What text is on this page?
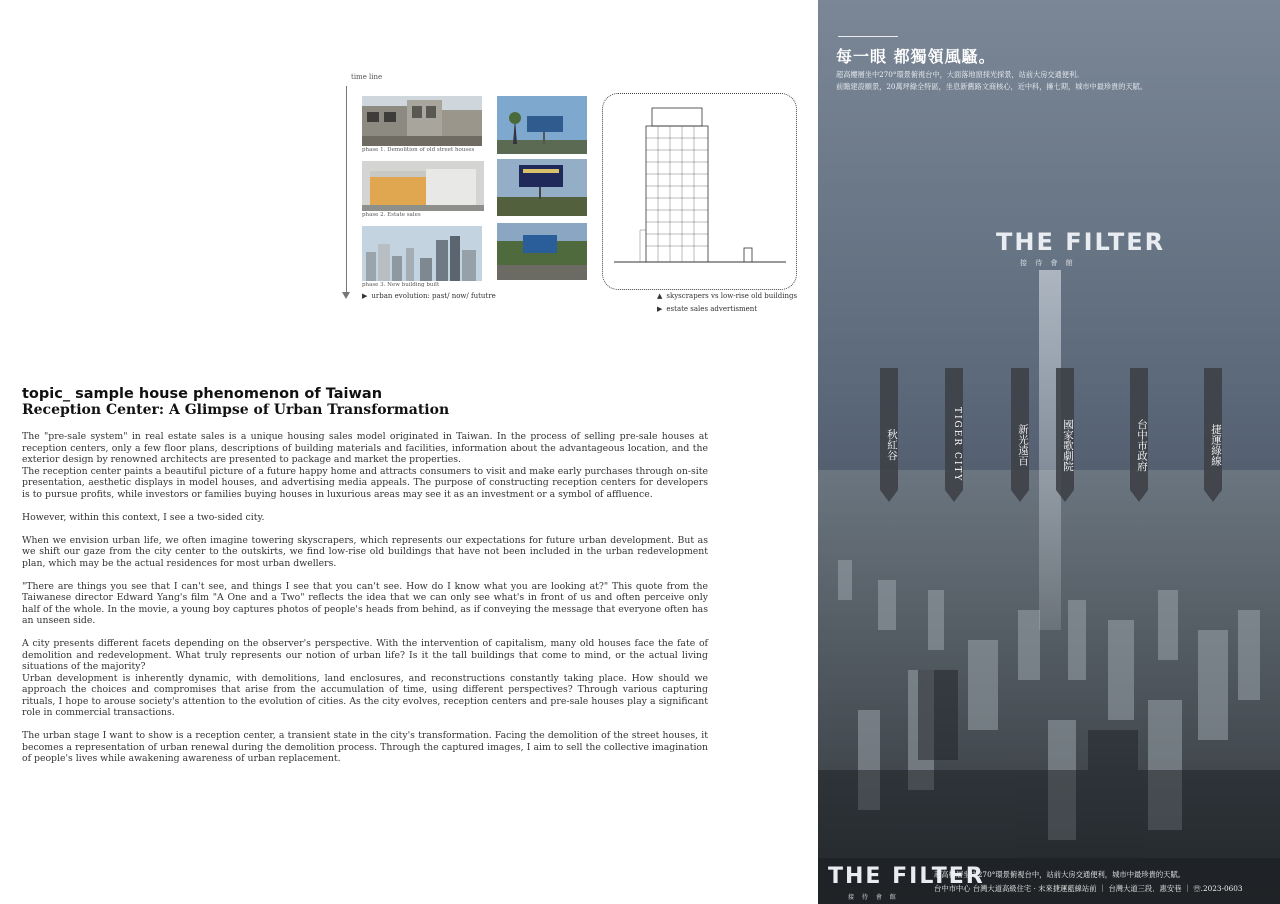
time line
phase 1. Demolition of old street houses
phase 2. Estate sales
phase 3. New building built
▶ urban evolution: past/ now/ fututre	▲ skyscrapers vs low-rise old buildings
▶ estate sales advertisment
topic_ sample house phenomenon of Taiwan
Reception Center: A Glimpse of Urban Transformation

The "pre-sale system" in real estate sales is a unique housing sales model originated in Taiwan. In the process of selling pre-sale houses at reception centers, only a few floor plans, descriptions of building materials and facilities, information about the advantageous location, and the exterior design by renowned architects are presented to package and market the properties.

The reception center paints a beautiful picture of a future happy home and attracts consumers to visit and make early purchases through on-site presentation, aesthetic displays in model houses, and advertising media appeals. The purpose of constructing reception centers for developers is to pursue profits, while investors or families buying houses in luxurious areas may see it as an investment or a symbol of affluence.

However, within this context, I see a two-sided city.

When we envision urban life, we often imagine towering skyscrapers, which represents our expectations for future urban development. But as we shift our gaze from the city center to the outskirts, we find low-rise old buildings that have not been included in the urban redevelopment plan, which may be the actual residences for most urban dwellers.

"There are things you see that I can't see, and things I see that you can't see. How do I know what you are looking at?" This quote from the Taiwanese director Edward Yang's film "A One and a Two" reflects the idea that we can only see what's in front of us and often perceive only half of the whole. In the movie, a young boy captures photos of people's heads from behind, as if conveying the message that everyone often has an unseen side.

A city presents different facets depending on the observer's perspective. With the intervention of capitalism, many old houses face the fate of demolition and redevelopment. What truly represents our notion of urban life? Is it the tall buildings that come to mind, or the actual living situations of the majority?

Urban development is inherently dynamic, with demolitions, land enclosures, and reconstructions constantly taking place. How should we approach the choices and compromises that arise from the accumulation of time, using different perspectives? Through various capturing rituals, I hope to arouse society's attention to the evolution of cities. As the city evolves, reception centers and pre-sale houses play a significant role in commercial transactions.

The urban stage I want to show is a reception center, a transient state in the city's transformation. Facing the demolition of the street houses, it becomes a representation of urban renewal during the demolition process. Through the captured images, I aim to sell the collective imagination of people's lives while awakening awareness of urban replacement.

每一眼 都獨領風騷。
超高樓層坐中270°環景俯視台中，大面落地窗採光採景，站前大房交通便利。
前瞻建設願景，20萬坪綠全特區，坐息新舊路文商核心，近中科，擁七期，城市中最珍貴的天賦。
THE FILTER
接 待 會 館
秋紅谷	TIGER CITY	新光遠百	國家歌劇院	台中市政府	捷運綠線
THE FILTER
接 待 會 館
超高樓層坐中270°環景俯視台中，站前大房交通便利，城市中最珍貴的天賦。
台中市中心 台灣大道高級住宅 · 未來捷運藍線站前 ｜ 台灣大道三段．惠安巷 ｜ ☏.2023-0603
